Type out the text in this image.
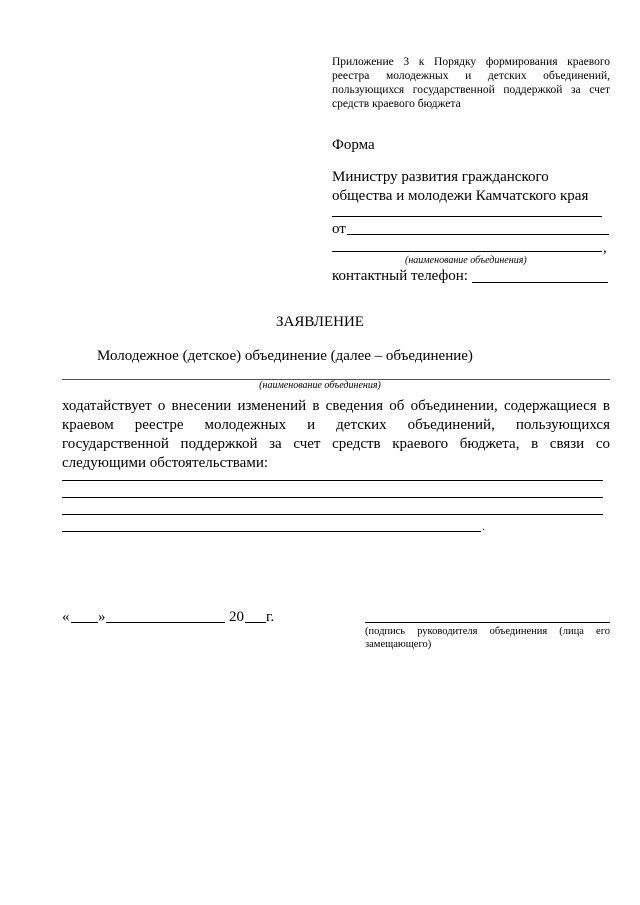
Приложение 3 к Порядку формирования краевого
реестра молодежных и детских объединений,
пользующихся государственной поддержкой за счет
средств краевого бюджета
Форма
Министру развития гражданского
общества и молодежи Камчатского края
от
,
(наименование объединения)
контактный телефон:
ЗАЯВЛЕНИЕ
Молодежное (детское) объединение (далее – объединение)
(наименование объединения)
ходатайствует о внесении изменений в сведения об объединении, содержащиеся в
краевом реестре молодежных и детских объединений, пользующихся
государственной поддержкой за счет средств краевого бюджета, в связи со
следующими обстоятельствами:
.
« »	20 г.
(подпись руководителя объединения (лица его
замещающего)
